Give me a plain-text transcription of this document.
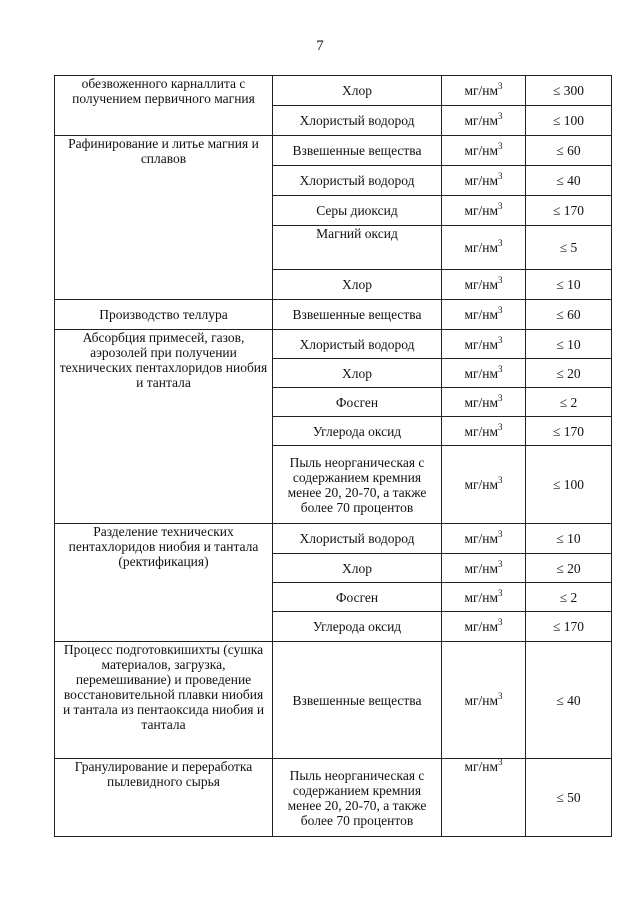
7
обезвоженного карналлита с получением первичного магния	Хлор	$мг/нм^3$	≤ 300
	Хлористый водород	$мг/нм^3$	≤ 100
Рафинирование и литье магния и сплавов	Взвешенные вещества	$мг/нм^3$	≤ 60
	Хлористый водород	$мг/нм^3$	≤ 40
	Серы диоксид	$мг/нм^3$	≤ 170
	Магний оксид	$мг/нм^3$	≤ 5
	Хлор	$мг/нм^3$	≤ 10
Производство теллура	Взвешенные вещества	$мг/нм^3$	≤ 60
Абсорбция примесей, газов, аэрозолей при получении технических пентахлоридов ниобия и тантала	Хлористый водород	$мг/нм^3$	≤ 10
	Хлор	$мг/нм^3$	≤ 20
	Фосген	$мг/нм^3$	≤ 2
	Углерода оксид	$мг/нм^3$	≤ 170
	Пыль неорганическая с содержанием кремния менее 20, 20-70, а также более 70 процентов	$мг/нм^3$	≤ 100
Разделение технических пентахлоридов ниобия и тантала (ректификация)	Хлористый водород	$мг/нм^3$	≤ 10
	Хлор	$мг/нм^3$	≤ 20
	Фосген	$мг/нм^3$	≤ 2
	Углерода оксид	$мг/нм^3$	≤ 170
Процесс подготовкишихты (сушка материалов, загрузка, перемешивание) и проведение восстановительной плавки ниобия и тантала из пентаоксида ниобия и тантала	Взвешенные вещества	$мг/нм^3$	≤ 40
Гранулирование и переработка пылевидного сырья	Пыль неорганическая с содержанием кремния менее 20, 20-70, а также более 70 процентов	$мг/нм^3$	≤ 50
